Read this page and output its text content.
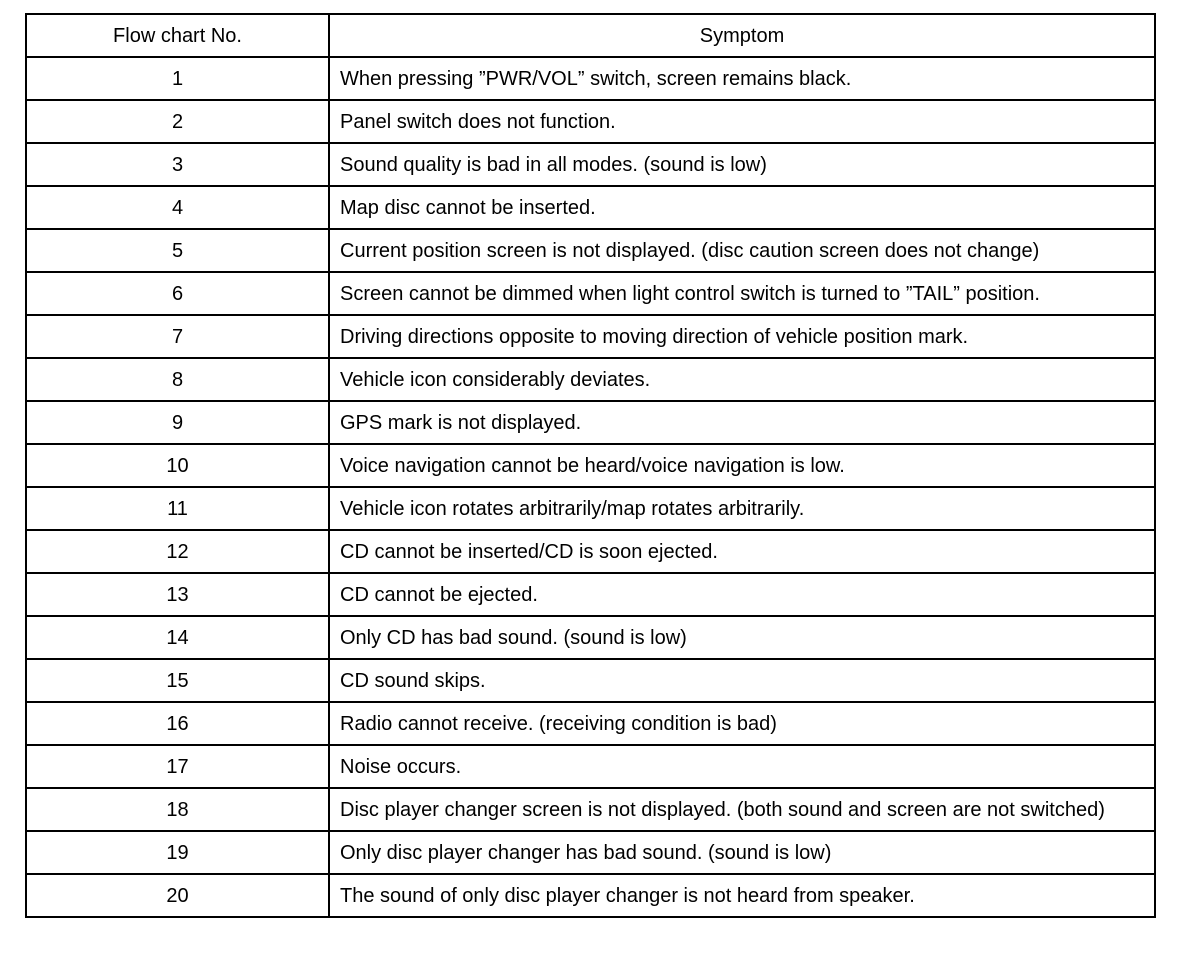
Flow chart No.	Symptom
1	When pressing ”PWR/VOL” switch, screen remains black.
2	Panel switch does not function.
3	Sound quality is bad in all modes. (sound is low)
4	Map disc cannot be inserted.
5	Current position screen is not displayed. (disc caution screen does not change)
6	Screen cannot be dimmed when light control switch is turned to ”TAIL” position.
7	Driving directions opposite to moving direction of vehicle position mark.
8	Vehicle icon considerably deviates.
9	GPS mark is not displayed.
10	Voice navigation cannot be heard/voice navigation is low.
11	Vehicle icon rotates arbitrarily/map rotates arbitrarily.
12	CD cannot be inserted/CD is soon ejected.
13	CD cannot be ejected.
14	Only CD has bad sound. (sound is low)
15	CD sound skips.
16	Radio cannot receive. (receiving condition is bad)
17	Noise occurs.
18	Disc player changer screen is not displayed. (both sound and screen are not switched)
19	Only disc player changer has bad sound. (sound is low)
20	The sound of only disc player changer is not heard from speaker.
